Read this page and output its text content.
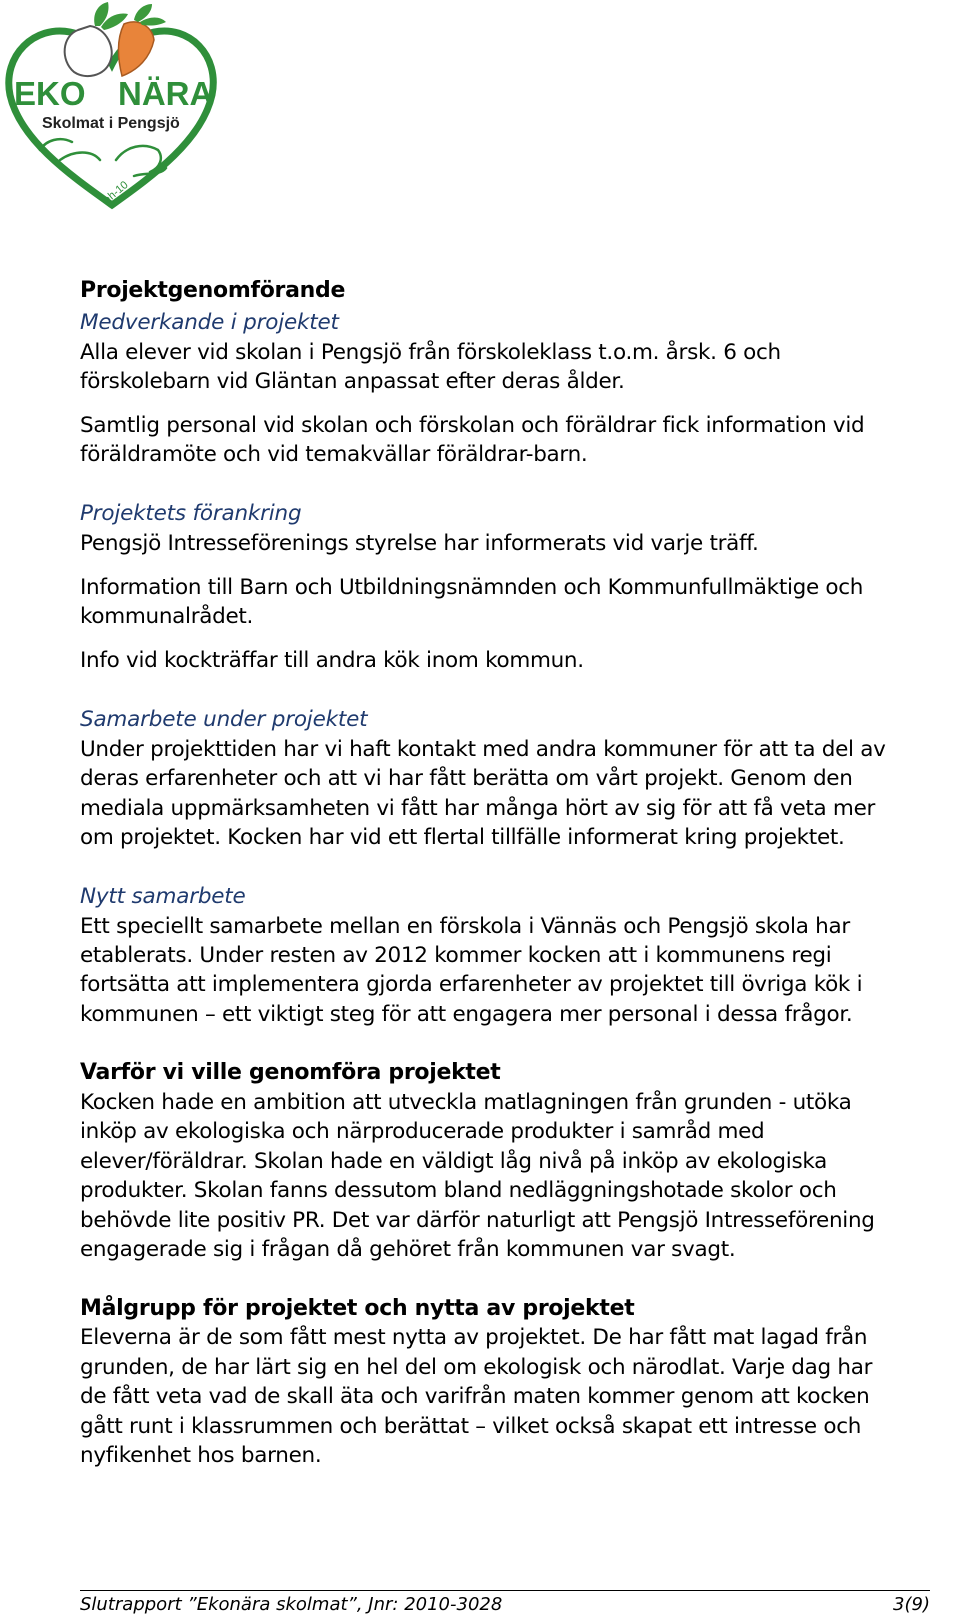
EKO NÄRA
Skolmat i Pengsjö
eh-10
Projektgenomförande
Medverkande i projektet
Alla elever vid skolan i Pengsjö från förskoleklass t.o.m. årsk. 6 och
förskolebarn vid Gläntan anpassat efter deras ålder.
Samtlig personal vid skolan och förskolan och föräldrar fick information vid
föräldramöte och vid temakvällar föräldrar-barn.
Projektets förankring
Pengsjö Intresseförenings styrelse har informerats vid varje träff.
Information till Barn och Utbildningsnämnden och Kommunfullmäktige och
kommunalrådet.
Info vid kockträffar till andra kök inom kommun.
Samarbete under projektet
Under projekttiden har vi haft kontakt med andra kommuner för att ta del av
deras erfarenheter och att vi har fått berätta om vårt projekt. Genom den
mediala uppmärksamheten vi fått har många hört av sig för att få veta mer
om projektet. Kocken har vid ett flertal tillfälle informerat kring projektet.
Nytt samarbete
Ett speciellt samarbete mellan en förskola i Vännäs och Pengsjö skola har
etablerats. Under resten av 2012 kommer kocken att i kommunens regi
fortsätta att implementera gjorda erfarenheter av projektet till övriga kök i
kommunen – ett viktigt steg för att engagera mer personal i dessa frågor.
Varför vi ville genomföra projektet
Kocken hade en ambition att utveckla matlagningen från grunden - utöka
inköp av ekologiska och närproducerade produkter i samråd med
elever/föräldrar. Skolan hade en väldigt låg nivå på inköp av ekologiska
produkter. Skolan fanns dessutom bland nedläggningshotade skolor och
behövde lite positiv PR. Det var därför naturligt att Pengsjö Intresseförening
engagerade sig i frågan då gehöret från kommunen var svagt.
Målgrupp för projektet och nytta av projektet
Eleverna är de som fått mest nytta av projektet. De har fått mat lagad från
grunden, de har lärt sig en hel del om ekologisk och närodlat. Varje dag har
de fått veta vad de skall äta och varifrån maten kommer genom att kocken
gått runt i klassrummen och berättat – vilket också skapat ett intresse och
nyfikenhet hos barnen.
Slutrapport ”Ekonära skolmat”, Jnr: 2010-3028	3(9)
